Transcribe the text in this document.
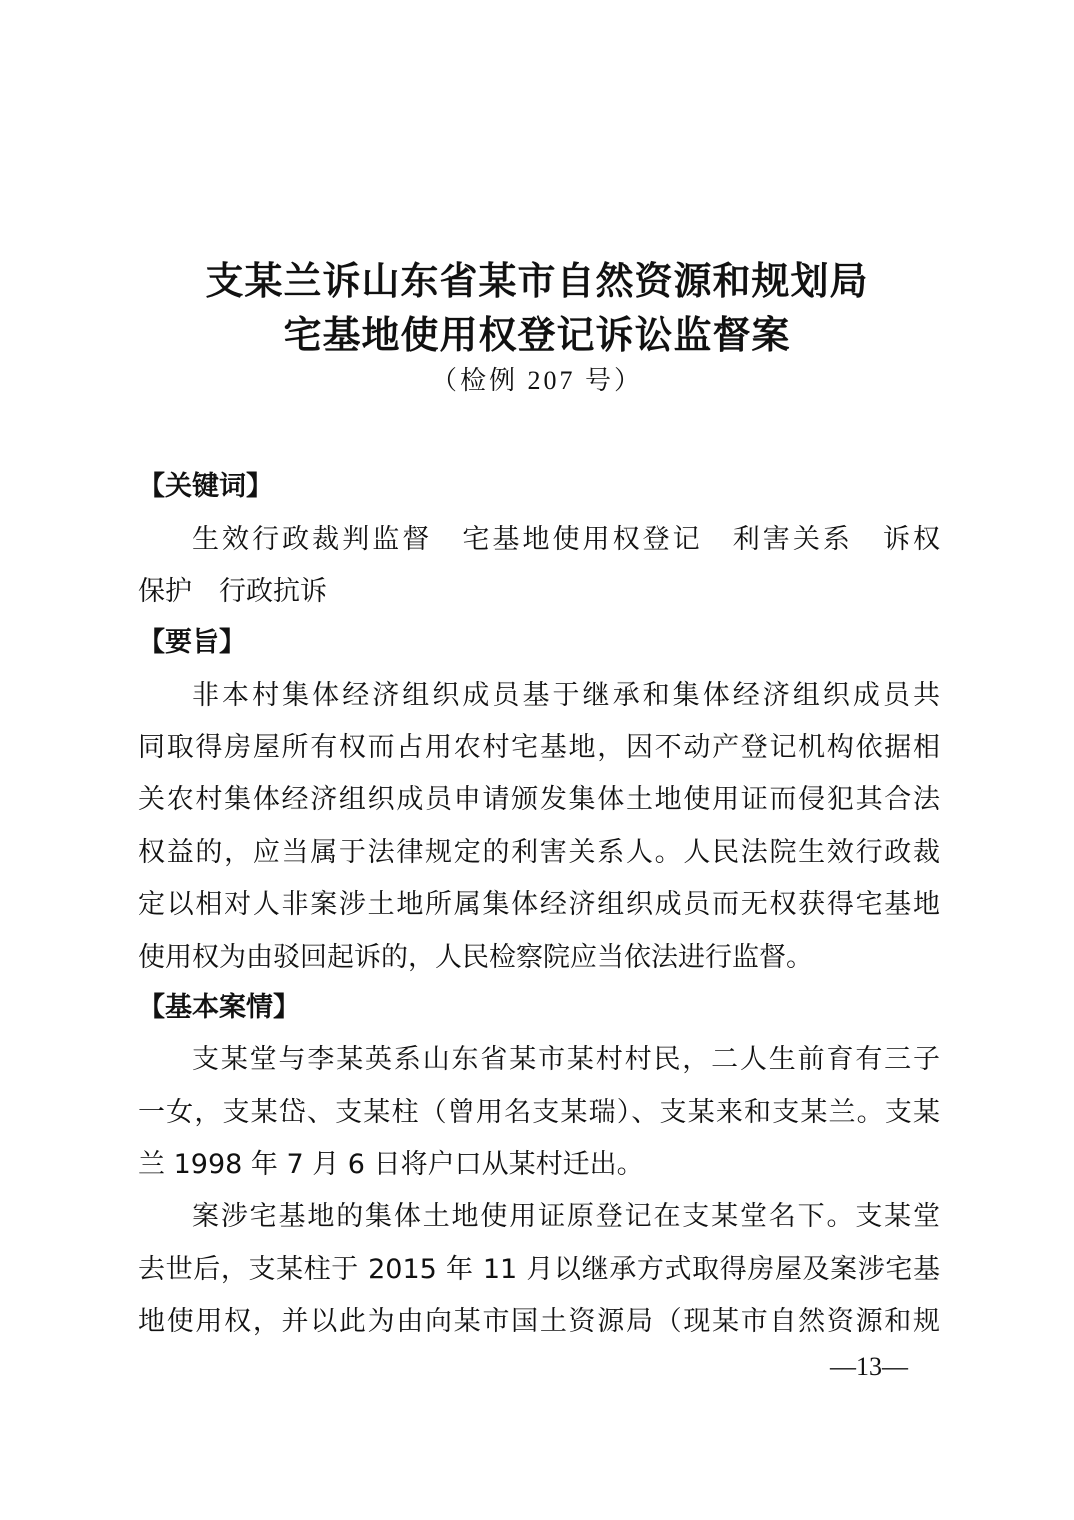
支某兰诉山东省某市自然资源和规划局
宅基地使用权登记诉讼监督案
（检例 207 号）
【关键词】
生效行政裁判监督　宅基地使用权登记　利害关系　诉权
保护　行政抗诉
【要旨】
非本村集体经济组织成员基于继承和集体经济组织成员共
同取得房屋所有权而占用农村宅基地，因不动产登记机构依据相
关农村集体经济组织成员申请颁发集体土地使用证而侵犯其合法
权益的，应当属于法律规定的利害关系人。人民法院生效行政裁
定以相对人非案涉土地所属集体经济组织成员而无权获得宅基地
使用权为由驳回起诉的，人民检察院应当依法进行监督。
【基本案情】
支某堂与李某英系山东省某市某村村民，二人生前育有三子
一女，支某岱、支某柱（曾用名支某瑞）、支某来和支某兰。支某
兰 1998 年 7 月 6 日将户口从某村迁出。
案涉宅基地的集体土地使用证原登记在支某堂名下。支某堂
去世后，支某柱于 2015 年 11 月以继承方式取得房屋及案涉宅基
地使用权，并以此为由向某市国土资源局（现某市自然资源和规
—13—
